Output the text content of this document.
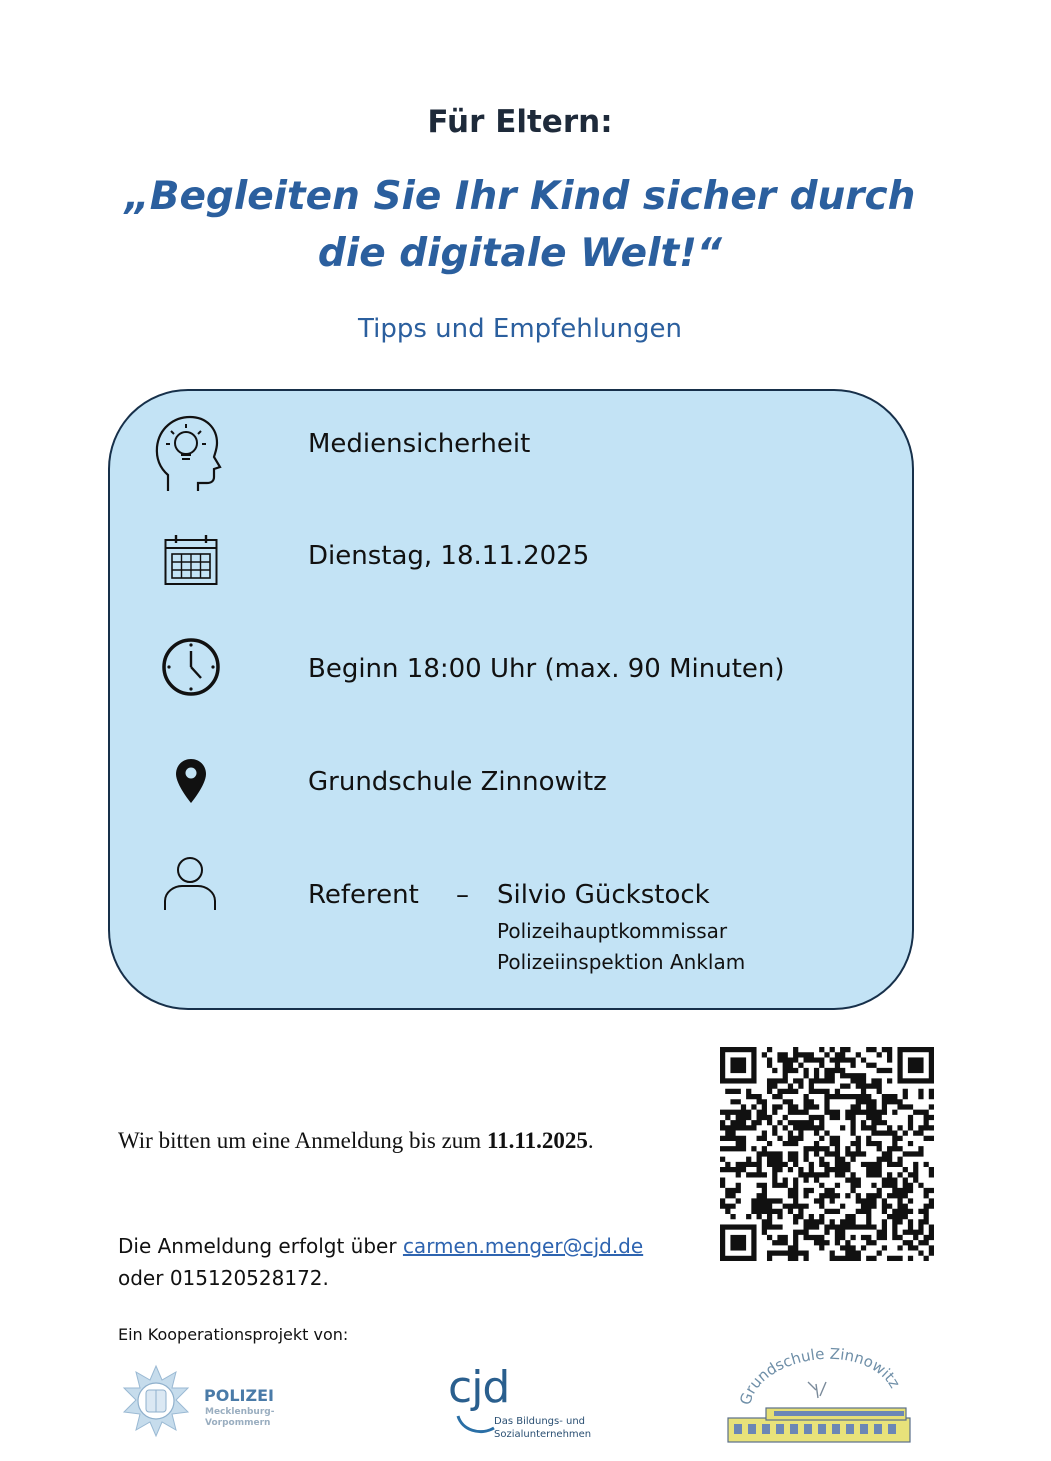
Für Eltern:
„Begleiten Sie Ihr Kind sicher durch
die digitale Welt!“
Tipps und Empfehlungen
Mediensicherheit
Dienstag, 18.11.2025
Beginn 18:00 Uhr (max. 90 Minuten)
Grundschule Zinnowitz
Referent – Silvio Gückstock
Polizeihauptkommissar
Polizeiinspektion Anklam
Wir bitten um eine Anmeldung bis zum 11.11.2025.
Die Anmeldung erfolgt über carmen.menger@cjd.de
oder 015120528172.
Ein Kooperationsprojekt von:
POLIZEI
Mecklenburg-
Vorpommern
cjd
Das Bildungs- und
Sozialunternehmen
Grundschule Zinnowitz
